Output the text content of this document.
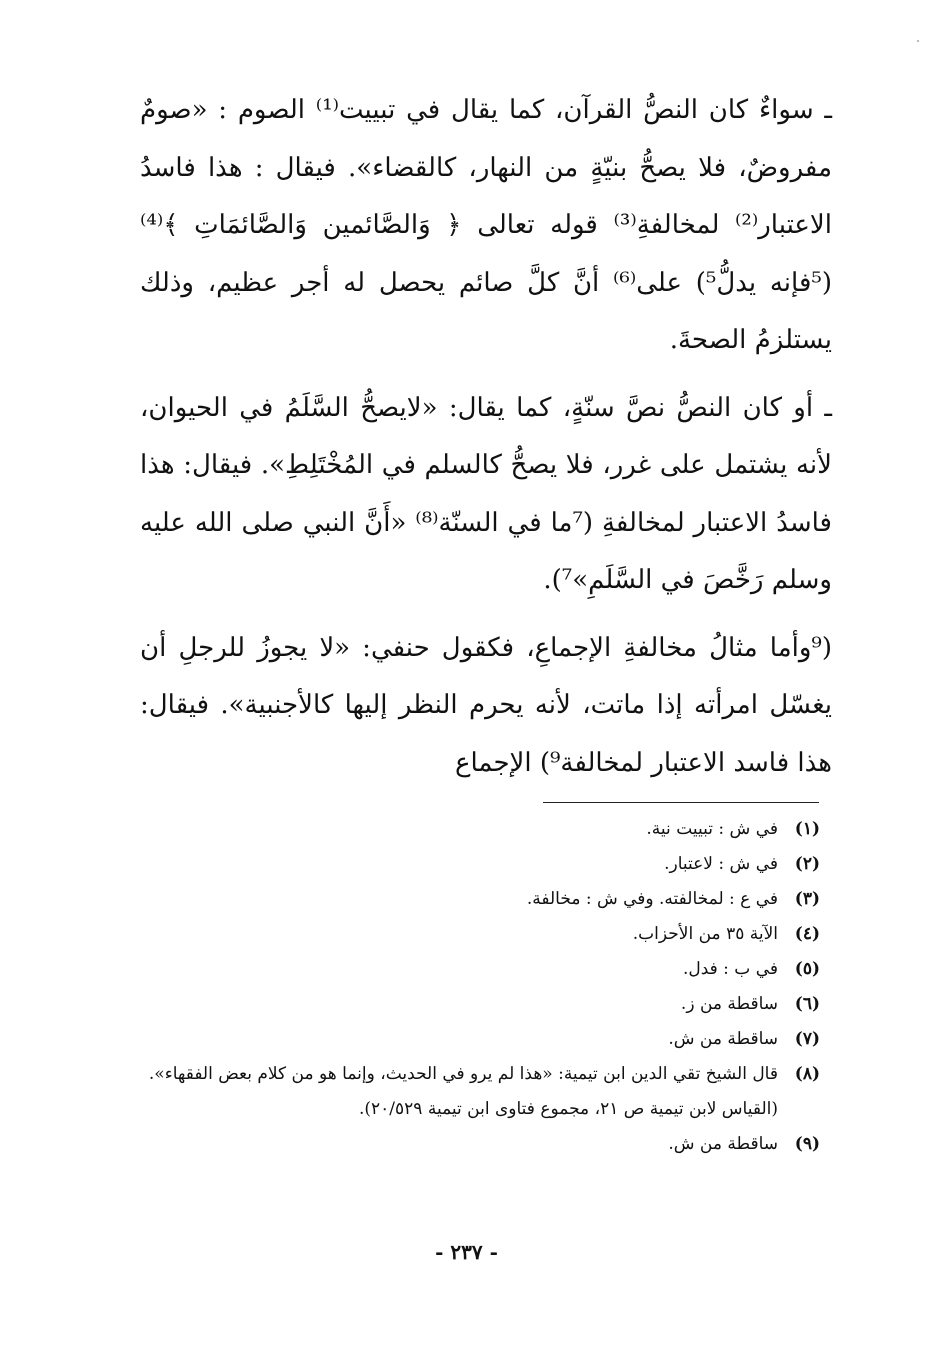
ـ سواءٌ كان النصُّ القرآن، كما يقال في تبييت⁽¹⁾ الصوم : «صومٌ مفروضٌ، فلا يصحُّ بنيّةٍ من النهار، كالقضاء». فيقال : هذا فاسدُ الاعتبار⁽²⁾ لمخالفةِ⁽³⁾ قوله تعالى ﴿ وَالصَّائمين وَالصَّائمَاتِ ﴾⁽⁴⁾ (⁵فإنه يدلُّ⁵) على⁽⁶⁾ أنَّ كلَّ صائم يحصل له أجر عظيم، وذلك يستلزمُ الصحةَ.

ـ أو كان النصُّ نصَّ سنّةٍ، كما يقال: «لايصحُّ السَّلَمُ في الحيوان، لأنه يشتمل على غرر، فلا يصحُّ كالسلم في المُخْتَلِطِ». فيقال: هذا فاسدُ الاعتبار لمخالفةِ (⁷ما في السنّة⁽⁸⁾ «أَنَّ النبي صلى الله عليه وسلم رَخَّصَ في السَّلَمِ»⁷).

(⁹وأما مثالُ مخالفةِ الإجماعِ، فكقول حنفي: «لا يجوزُ للرجلِ أن يغسّل امرأته إذا ماتت، لأنه يحرم النظر إليها كالأجنبية». فيقال: هذا فاسد الاعتبار لمخالفة⁹) الإجماع

(١)
في ش : تبييت نية.
(٢)
في ش : لاعتبار.
(٣)
في ع : لمخالفته. وفي ش : مخالفة.
(٤)
الآية ٣٥ من الأحزاب.
(٥)
في ب : فدل.
(٦)
ساقطة من ز.
(٧)
ساقطة من ش.
(٨)
قال الشيخ تقي الدين ابن تيمية: «هذا لم يرو في الحديث، وإنما هو من كلام بعض الفقهاء». (القياس لابن تيمية ص ٢١، مجموع فتاوى ابن تيمية ٢٠/٥٢٩).
(٩)
ساقطة من ش.
- ٢٣٧ -
